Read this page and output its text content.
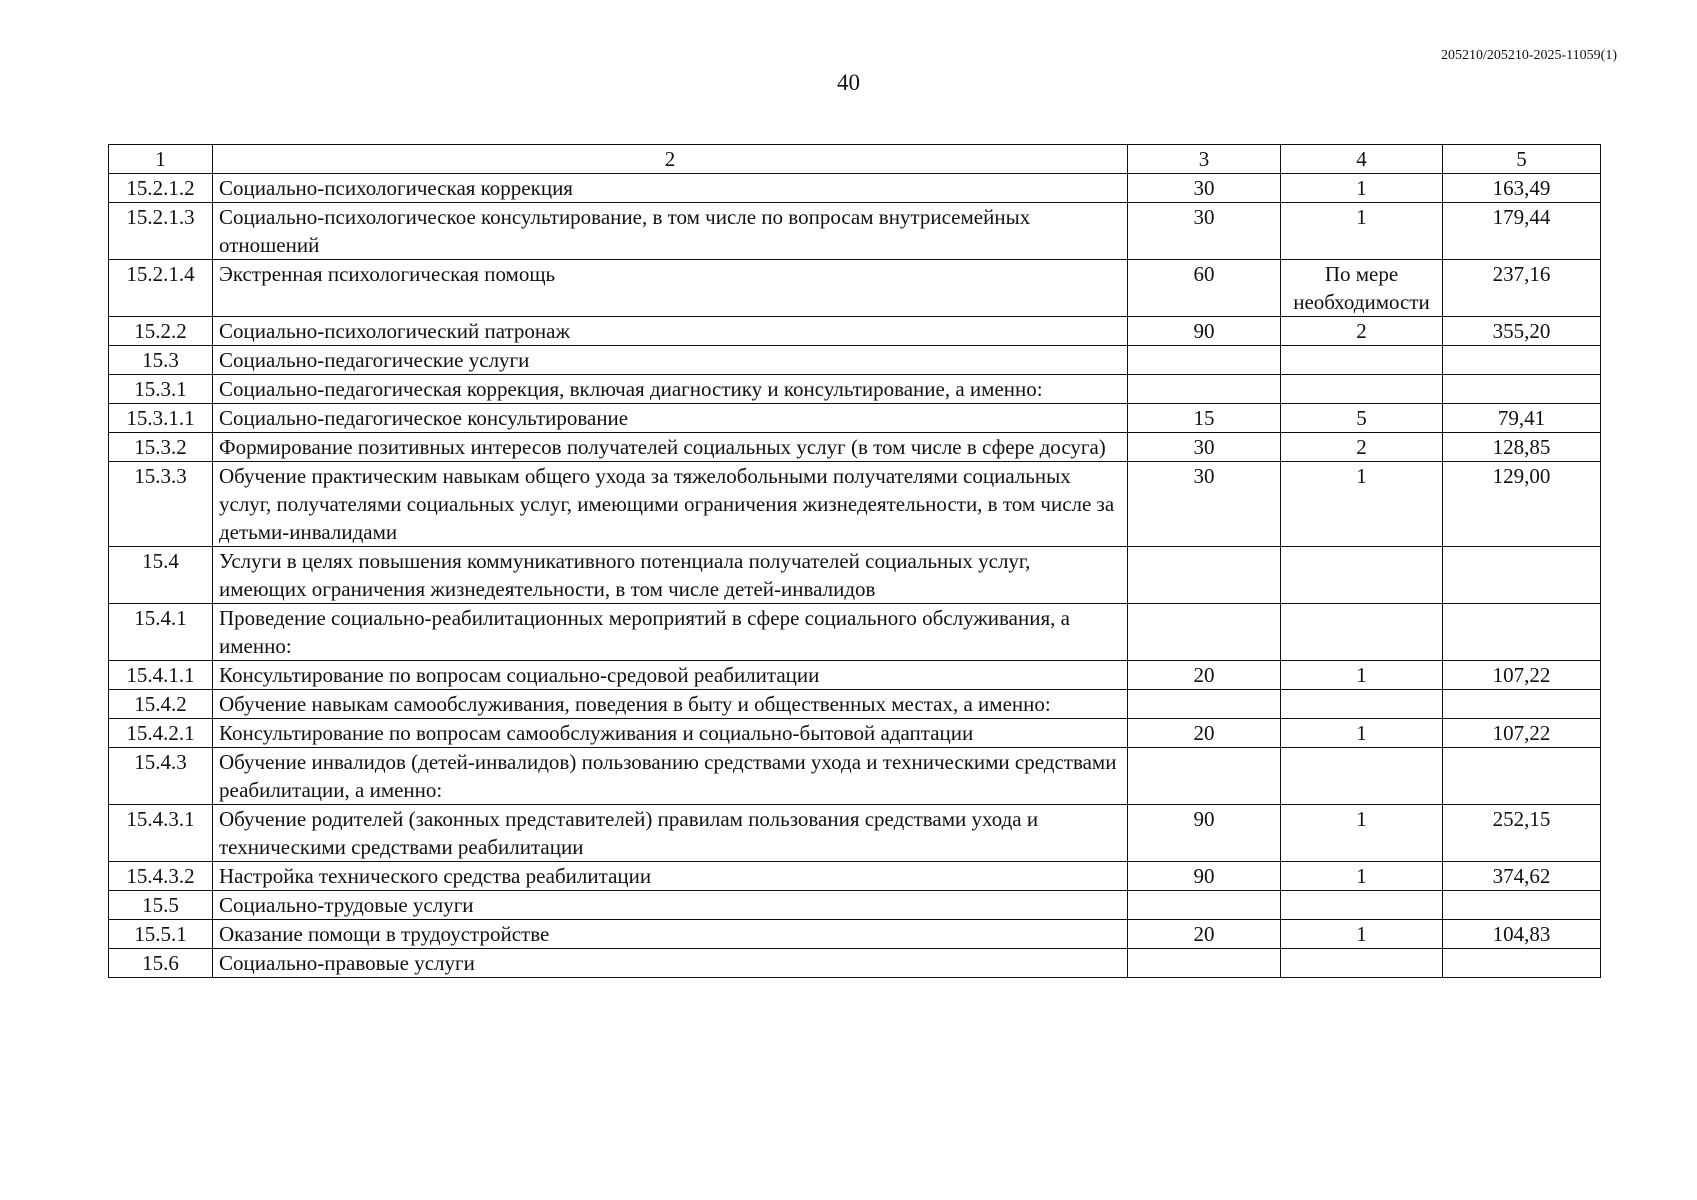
205210/205210-2025-11059(1)
40
1	2	3	4	5
15.2.1.2	Социально-психологическая коррекция	30	1	163,49
15.2.1.3	Социально-психологическое консультирование, в том числе по вопросам внутрисемейных отношений	30	1	179,44
15.2.1.4	Экстренная психологическая помощь	60	По мере необходимости	237,16
15.2.2	Социально-психологический патронаж	90	2	355,20
15.3	Социально-педагогические услуги			
15.3.1	Социально-педагогическая коррекция, включая диагностику и консультирование, а именно:			
15.3.1.1	Социально-педагогическое консультирование	15	5	79,41
15.3.2	Формирование позитивных интересов получателей социальных услуг (в том числе в сфере досуга)	30	2	128,85
15.3.3	Обучение практическим навыкам общего ухода за тяжелобольными получателями социальных услуг, получателями социальных услуг, имеющими ограничения жизнедеятельности, в том числе за детьми-инвалидами	30	1	129,00
15.4	Услуги в целях повышения коммуникативного потенциала получателей социальных услуг, имеющих ограничения жизнедеятельности, в том числе детей-инвалидов			
15.4.1	Проведение социально-реабилитационных мероприятий в сфере социального обслуживания, а именно:			
15.4.1.1	Консультирование по вопросам социально-средовой реабилитации	20	1	107,22
15.4.2	Обучение навыкам самообслуживания, поведения в быту и общественных местах, а именно:			
15.4.2.1	Консультирование по вопросам самообслуживания и социально-бытовой адаптации	20	1	107,22
15.4.3	Обучение инвалидов (детей-инвалидов) пользованию средствами ухода и техническими средствами реабилитации, а именно:			
15.4.3.1	Обучение родителей (законных представителей) правилам пользования средствами ухода и техническими средствами реабилитации	90	1	252,15
15.4.3.2	Настройка технического средства реабилитации	90	1	374,62
15.5	Социально-трудовые услуги			
15.5.1	Оказание помощи в трудоустройстве	20	1	104,83
15.6	Социально-правовые услуги			
